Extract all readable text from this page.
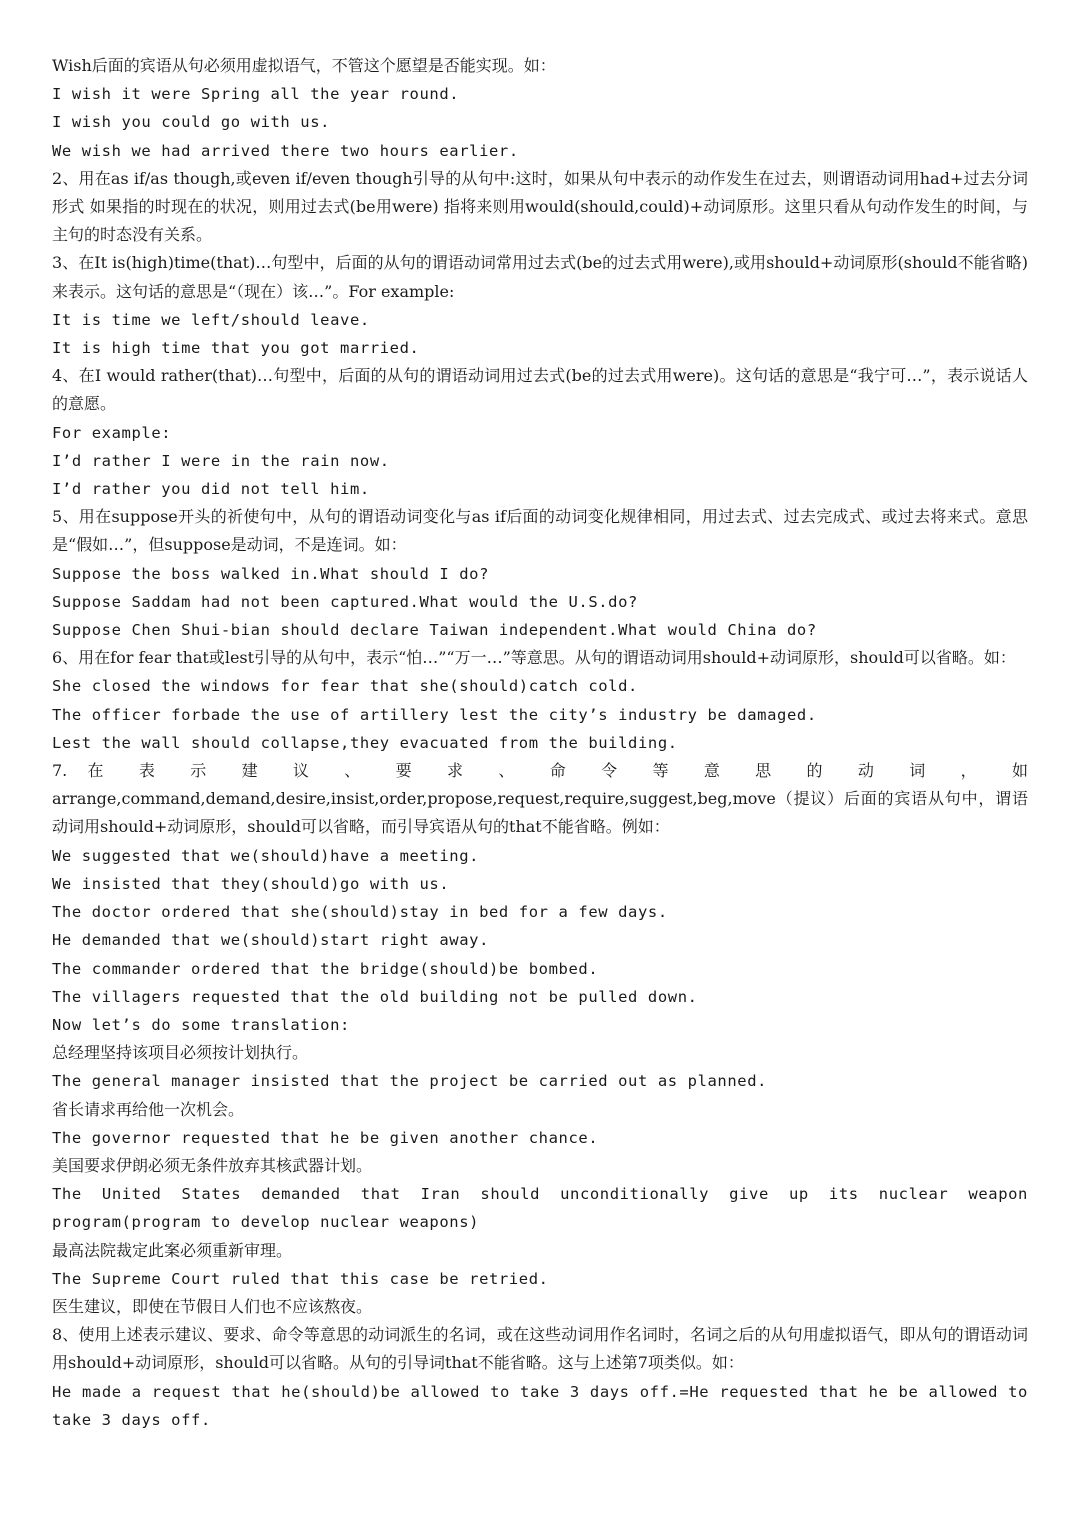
Wish后面的宾语从句必须用虚拟语气，不管这个愿望是否能实现。如：

I wish it were Spring all the year round.

I wish you could go with us.

We wish we had arrived there two hours earlier.

2、用在as if/as though,或even if/even though引导的从句中:这时，如果从句中表示的动作发生在过去，则谓语动词用had+过去分词形式 如果指的时现在的状况，则用过去式(be用were) 指将来则用would(should,could)+动词原形。这里只看从句动作发生的时间，与主句的时态没有关系。

3、在It is(high)time(that)…句型中，后面的从句的谓语动词常用过去式(be的过去式用were),或用should+动词原形(should不能省略)来表示。这句话的意思是“（现在）该…”。For example:

It is time we left/should leave.

It is high time that you got married.

4、在I would rather(that)…句型中，后面的从句的谓语动词用过去式(be的过去式用were)。这句话的意思是“我宁可…”，表示说话人的意愿。

For example:

I’d rather I were in the rain now.

I’d rather you did not tell him.

5、用在suppose开头的祈使句中，从句的谓语动词变化与as if后面的动词变化规律相同，用过去式、过去完成式、或过去将来式。意思是“假如…”，但suppose是动词，不是连词。如：

Suppose the boss walked in.What should I do?

Suppose Saddam had not been captured.What would the U.S.do?

Suppose Chen Shui-bian should declare Taiwan independent.What would China do?

6、用在for fear that或lest引导的从句中，表示“怕…”“万一…”等意思。从句的谓语动词用should+动词原形，should可以省略。如：

She closed the windows for fear that she(should)catch cold.

The officer forbade the use of artillery lest the city’s industry be damaged.

Lest the wall should collapse,they evacuated from the building.

7. 在 表 示 建 议 、 要 求 、 命 令 等 意 思 的 动 词 ， 如

arrange,command,demand,desire,insist,order,propose,request,require,suggest,beg,move（提议）后面的宾语从句中，谓语动词用should+动词原形，should可以省略，而引导宾语从句的that不能省略。例如：

We suggested that we(should)have a meeting.

We insisted that they(should)go with us.

The doctor ordered that she(should)stay in bed for a few days.

He demanded that we(should)start right away.

The commander ordered that the bridge(should)be bombed.

The villagers requested that the old building not be pulled down.

Now let’s do some translation:

总经理坚持该项目必须按计划执行。

The general manager insisted that the project be carried out as planned.

省长请求再给他一次机会。

The governor requested that he be given another chance.

美国要求伊朗必须无条件放弃其核武器计划。

The United States demanded that Iran should unconditionally give up its nuclear weapon program(program to develop nuclear weapons)

最高法院裁定此案必须重新审理。

The Supreme Court ruled that this case be retried.

医生建议，即使在节假日人们也不应该熬夜。

8、使用上述表示建议、要求、命令等意思的动词派生的名词，或在这些动词用作名词时，名词之后的从句用虚拟语气，即从句的谓语动词用should+动词原形，should可以省略。从句的引导词that不能省略。这与上述第7项类似。如：

He made a request that he(should)be allowed to take 3 days off.=He requested that he be allowed to take 3 days off.
